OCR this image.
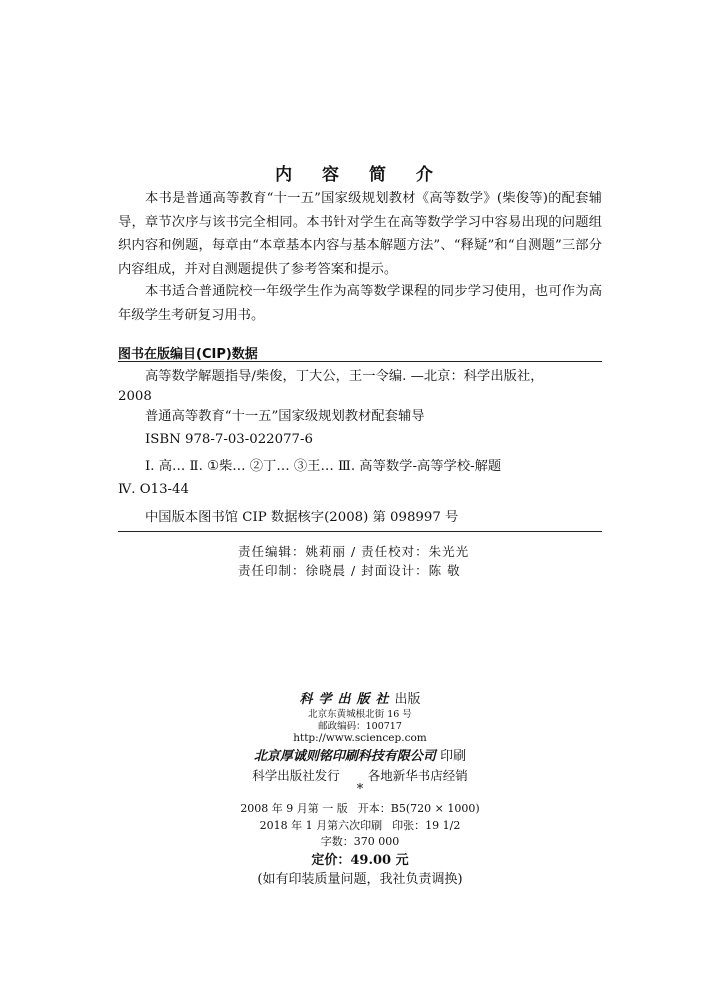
内 容 简 介
本书是普通高等教育“十一五”国家级规划教材《高等数学》(柴俊等)的配套辅导，章节次序与该书完全相同。本书针对学生在高等数学学习中容易出现的问题组织内容和例题，每章由“本章基本内容与基本解题方法”、“释疑”和“自测题”三部分内容组成，并对自测题提供了参考答案和提示。
本书适合普通院校一年级学生作为高等数学课程的同步学习使用，也可作为高年级学生考研复习用书。
图书在版编目(CIP)数据
高等数学解题指导/柴俊，丁大公，王一令编. —北京：科学出版社，
2008
普通高等教育“十一五”国家级规划教材配套辅导
ISBN 978-7-03-022077-6
Ⅰ. 高… Ⅱ. ①柴… ②丁… ③王… Ⅲ. 高等数学-高等学校-解题
Ⅳ. O13-44
中国版本图书馆 CIP 数据核字(2008) 第 098997 号
责任编辑：姚莉丽 / 责任校对：朱光光
责任印制：徐晓晨 / 封面设计：陈 敬
科学出版社出版
北京东黄城根北街 16 号
邮政编码：100717
http://www.sciencep.com
北京厚诚则铭印刷科技有限公司 印刷
科学出版社发行 各地新华书店经销
*
2008 年 9 月第 一 版 开本：B5(720 × 1000)
2018 年 1 月第六次印刷 印张：19 1/2
字数：370 000
定价：49.00 元
(如有印装质量问题，我社负责调换)
